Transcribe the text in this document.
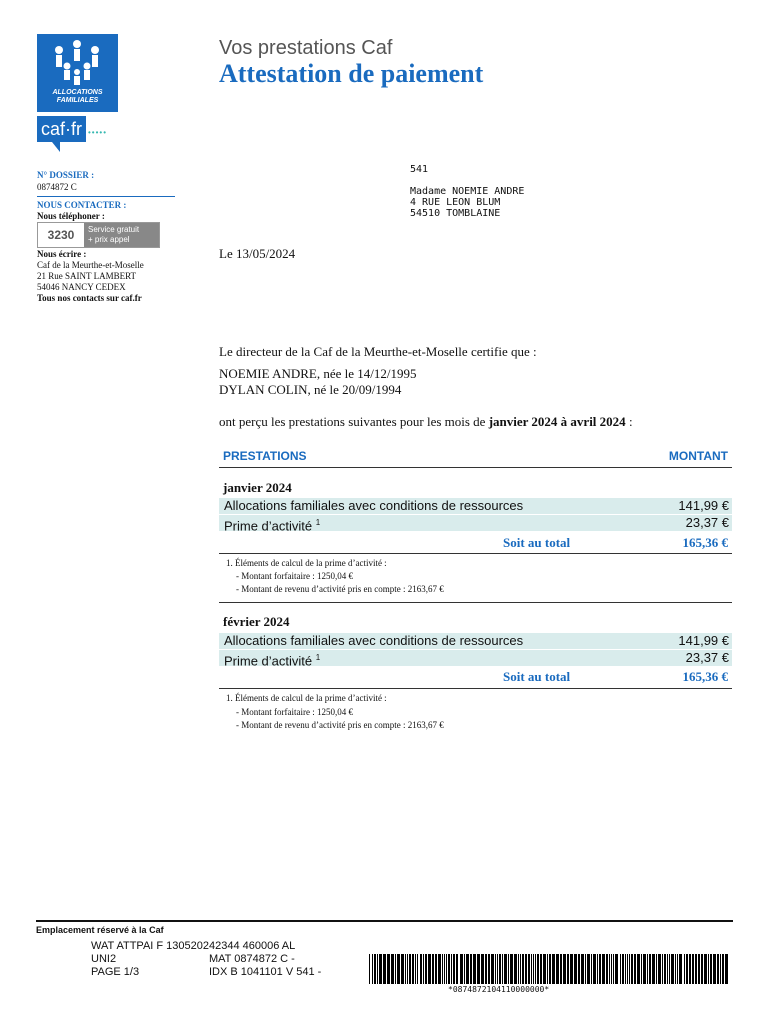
ALLOCATIONS
FAMILIALES
caf·fr •••••
Vos prestations Caf
Attestation de paiement
N° DOSSIER :
0874872 C
NOUS CONTACTER :
Nous téléphoner :
3230	Service gratuit
+ prix appel
Nous écrire :
Caf de la Meurthe-et-Moselle
21 Rue SAINT LAMBERT
54046 NANCY CEDEX
Tous nos contacts sur caf.fr
541
Madame NOEMIE ANDRE
4 RUE LEON BLUM
54510 TOMBLAINE
Le 13/05/2024
Le directeur de la Caf de la Meurthe-et-Moselle certifie que :
NOEMIE ANDRE, née le 14/12/1995
DYLAN COLIN, né le 20/09/1994
ont perçu les prestations suivantes pour les mois de janvier 2024 à avril 2024 :
PRESTATIONS	MONTANT
janvier 2024
Allocations familiales avec conditions de ressources	141,99 €
Prime d’activité $^1$	23,37 €
Soit au total	165,36 €
1. Éléments de calcul de la prime d’activité :
- Montant forfaitaire : 1250,04 €
- Montant de revenu d’activité pris en compte : 2163,67 €
février 2024
Allocations familiales avec conditions de ressources	141,99 €
Prime d’activité $^1$	23,37 €
Soit au total	165,36 €
1. Éléments de calcul de la prime d’activité :
- Montant forfaitaire : 1250,04 €
- Montant de revenu d’activité pris en compte : 2163,67 €
Emplacement réservé à la Caf
WAT ATTPAI F 130520242344 460006 AL
UNI2
PAGE 1/3
MAT 0874872 C -
IDX B 1041101 V 541 -
*0874872104110000000*
